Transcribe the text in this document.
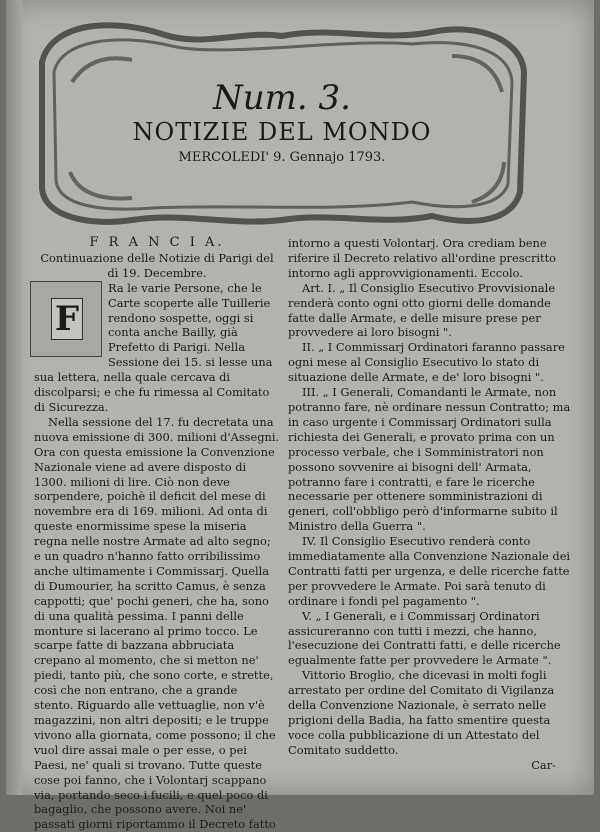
Num. 3.
NOTIZIE DEL MONDO
MERCOLEDI' 9. Gennajo 1793.

F R A N C I A.

Continuazione delle Notizie di Parigi del dì 19. Decembre.

F

Ra le varie Persone, che le Carte scoperte alle Tuillerie rendono sospette, oggi si conta anche Bailly, già Prefetto di Parigi. Nella Sessione dei 15. si lesse una sua lettera, nella quale cercava di discolparsi; e che fu rimessa al Comitato di Sicurezza.

Nella sessione del 17. fu decretata una nuova emissione di 300. milioni d'Assegni. Ora con questa emissione la Convenzione Nazionale viene ad avere disposto di 1300. milioni di lire. Ciò non deve sorpendere, poichè il deficit del mese di novembre era di 169. milioni. Ad onta di queste enormissime spese la miseria regna nelle nostre Armate ad alto segno; e un quadro n'hanno fatto orribilissimo anche ultimamente i Commissarj. Quella di Dumourier, ha scritto Camus, è senza cappotti; que' pochi generi, che ha, sono di una qualità pessima. I panni delle monture si lacerano al primo tocco. Le scarpe fatte di bazzana abbruciata crepano al momento, che si metton ne' piedi, tanto più, che sono corte, e strette, così che non entrano, che a grande stento. Riguardo alle vettuaglie, non v'è magazzini, non altri depositi; e le truppe vivono alla giornata, come possono; il che vuol dire assai male o per esse, o pei Paesi, ne' quali si trovano. Tutte queste cose poi fanno, che i Volontarj scappano via, portando seco i fucili, e quel poco di bagaglio, che possono avere. Noi ne' passati giorni riportammo il Decreto fatto

intorno a questi Volontarj. Ora crediam bene riferire il Decreto relativo all'ordine prescritto intorno agli approvvigionamenti. Eccolo.

Art. I. „ Il Consiglio Esecutivo Provvisionale renderà conto ogni otto giorni delle domande fatte dalle Armate, e delle misure prese per provvedere ai loro bisogni ".

II. „ I Commissarj Ordinatori faranno passare ogni mese al Consiglio Esecutivo lo stato di situazione delle Armate, e de' loro bisogni ".

III. „ I Generali, Comandanti le Armate, non potranno fare, nè ordinare nessun Contratto; ma in caso urgente i Commissarj Ordinatori sulla richiesta dei Generali, e provato prima con un processo verbale, che i Somministratori non possono sovvenire ai bisogni dell' Armata, potranno fare i contratti, e fare le ricerche necessarie per ottenere somministrazioni di generi, coll'obbligo però d'informarne subito il Ministro della Guerra ".

IV. Il Consiglio Esecutivo renderà conto immediatamente alla Convenzione Nazionale dei Contratti fatti per urgenza, e delle ricerche fatte per provvedere le Armate. Poi sarà tenuto di ordinare i fondi pel pagamento ".

V. „ I Generali, e i Commissarj Ordinatori assicureranno con tutti i mezzi, che hanno, l'esecuzione dei Contratti fatti, e delle ricerche egualmente fatte per provvedere le Armate ".

Vittorio Broglio, che dicevasi in molti fogli arrestato per ordine del Comitato di Vigilanza della Convenzione Nazionale, è serrato nelle prigioni della Badia, ha fatto smentire questa voce colla pubblicazione di un Attestato del Comitato suddetto.

Car-
